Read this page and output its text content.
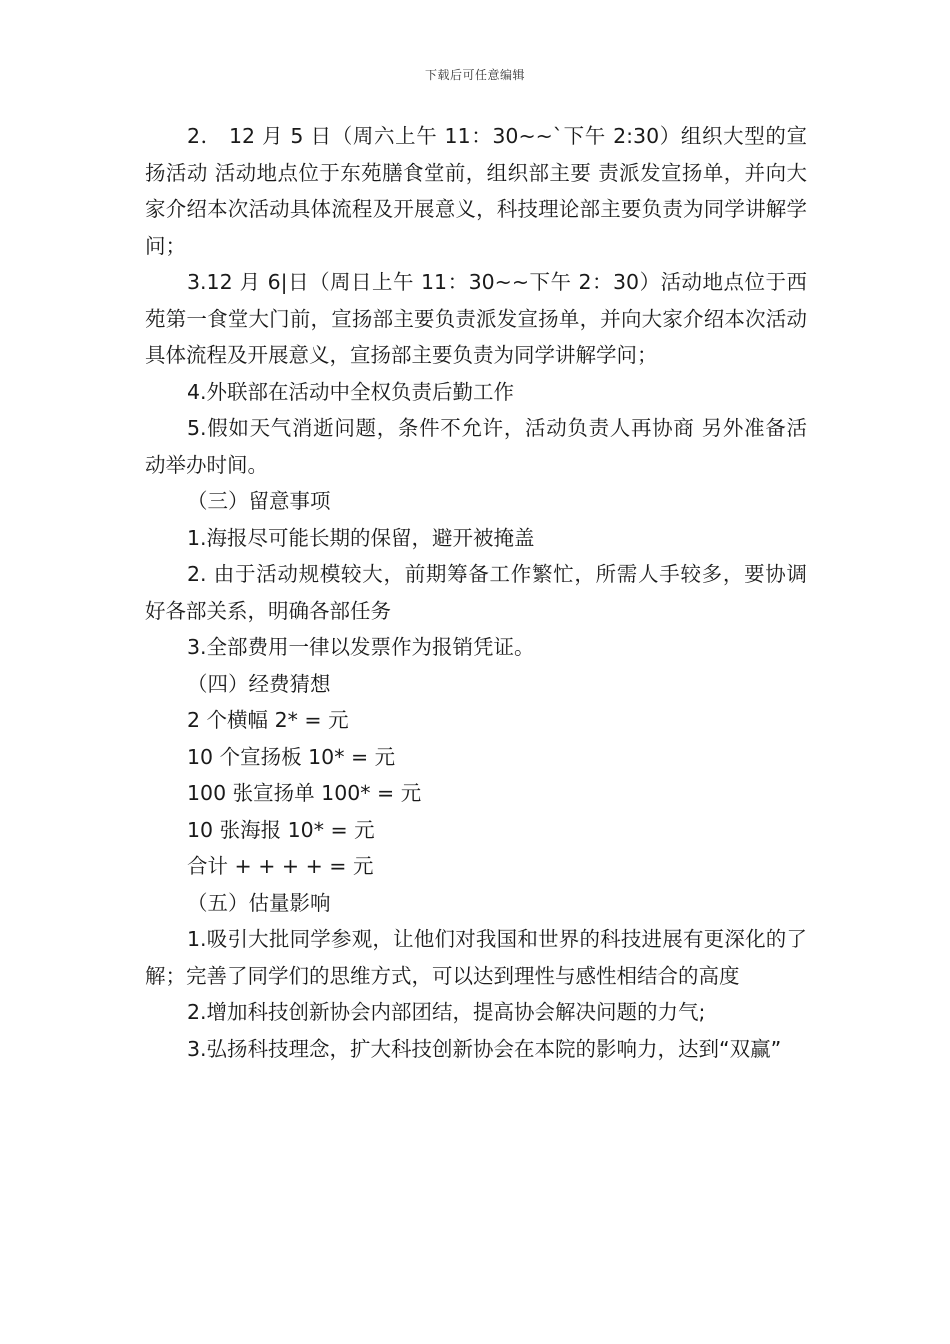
下载后可任意编辑

2． 12 月 5 日（周六上午 11：30~~`下午 2:30）组织大型的宣扬活动 活动地点位于东苑膳食堂前，组织部主要 责派发宣扬单，并向大家介绍本次活动具体流程及开展意义，科技理论部主要负责为同学讲解学问；

3.12 月 6|日（周日上午 11：30~~下午 2：30）活动地点位于西苑第一食堂大门前，宣扬部主要负责派发宣扬单，并向大家介绍本次活动具体流程及开展意义，宣扬部主要负责为同学讲解学问；

4.外联部在活动中全权负责后勤工作

5.假如天气消逝问题，条件不允许，活动负责人再协商 另外准备活动举办时间。

（三）留意事项

1.海报尽可能长期的保留，避开被掩盖

2. 由于活动规模较大，前期筹备工作繁忙，所需人手较多，要协调好各部关系，明确各部任务

3.全部费用一律以发票作为报销凭证。

（四）经费猜想

2 个横幅 2* = 元

10 个宣扬板 10* = 元

100 张宣扬单 100* = 元

10 张海报 10* = 元

合计 + + + + = 元

（五）估量影响

1.吸引大批同学参观，让他们对我国和世界的科技进展有更深化的了解；完善了同学们的思维方式，可以达到理性与感性相结合的高度

2.增加科技创新协会内部团结，提高协会解决问题的力气;

3.弘扬科技理念，扩大科技创新协会在本院的影响力，达到“双赢”
